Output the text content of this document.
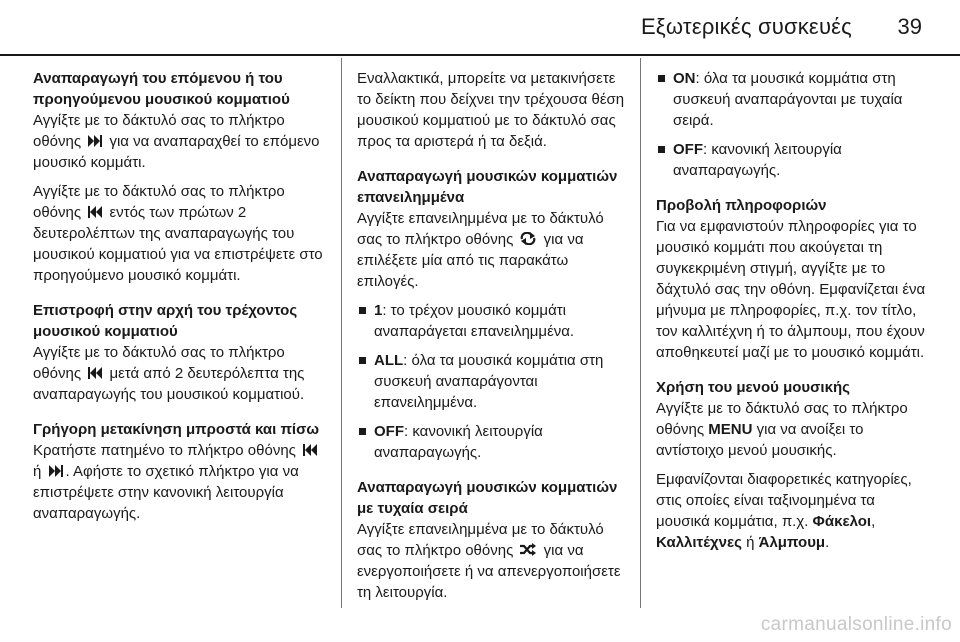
Εξωτερικές συσκευές 39
Αναπαραγωγή του επόμενου ή του προηγούμενου μουσικού κομματιού

Αγγίξτε με το δάκτυλό σας το πλήκτρο οθόνης για να αναπαραχθεί το επόμενο μουσικό κομμάτι.

Αγγίξτε με το δάκτυλό σας το πλήκτρο οθόνης εντός των πρώτων 2 δευτερολέπτων της αναπαραγωγής του μουσικού κομματιού για να επιστρέψετε στο προηγούμενο μουσικό κομμάτι.

Επιστροφή στην αρχή του τρέχοντος μουσικού κομματιού

Αγγίξτε με το δάκτυλό σας το πλήκτρο οθόνης μετά από 2 δευτερόλεπτα της αναπαραγωγής του μουσικού κομματιού.

Γρήγορη μετακίνηση μπροστά και πίσω

Κρατήστε πατημένο το πλήκτρο οθόνης  ή . Αφήστε το σχετικό πλήκτρο για να επιστρέψετε στην κανονική λειτουργία αναπαραγωγής.

Εναλλακτικά, μπορείτε να μετακινήσετε το δείκτη που δείχνει την τρέχουσα θέση μουσικού κομματιού με το δάκτυλό σας προς τα αριστερά ή τα δεξιά.

Αναπαραγωγή μουσικών κομματιών επανειλημμένα

Αγγίξτε επανειλημμένα με το δάκτυλό σας το πλήκτρο οθόνης για να επιλέξετε μία από τις παρακάτω επιλογές.

1: το τρέχον μουσικό κομμάτι αναπαράγεται επανειλημμένα.
ALL: όλα τα μουσικά κομμάτια στη συσκευή αναπαράγονται επανειλημμένα.
OFF: κανονική λειτουργία αναπαραγωγής.
Αναπαραγωγή μουσικών κομματιών με τυχαία σειρά

Αγγίξτε επανειλημμένα με το δάκτυλό σας το πλήκτρο οθόνης για να ενεργοποιήσετε ή να απενεργοποιήσετε τη λειτουργία.

ON: όλα τα μουσικά κομμάτια στη συσκευή αναπαράγονται με τυχαία σειρά.
OFF: κανονική λειτουργία αναπαραγωγής.
Προβολή πληροφοριών

Για να εμφανιστούν πληροφορίες για το μουσικό κομμάτι που ακούγεται τη συγκεκριμένη στιγμή, αγγίξτε με το δάχτυλό σας την οθόνη. Εμφανίζεται ένα μήνυμα με πληροφορίες, π.χ. τον τίτλο, τον καλλιτέχνη ή το άλμπουμ, που έχουν αποθηκευτεί μαζί με το μουσικό κομμάτι.

Χρήση του μενού μουσικής

Αγγίξτε με το δάκτυλό σας το πλήκτρο οθόνης MENU για να ανοίξει το αντίστοιχο μενού μουσικής.

Εμφανίζονται διαφορετικές κατηγορίες, στις οποίες είναι ταξινομημένα τα μουσικά κομμάτια, π.χ. Φάκελοι, Καλλιτέχνες ή Άλμπουμ.

carmanualsonline.info
